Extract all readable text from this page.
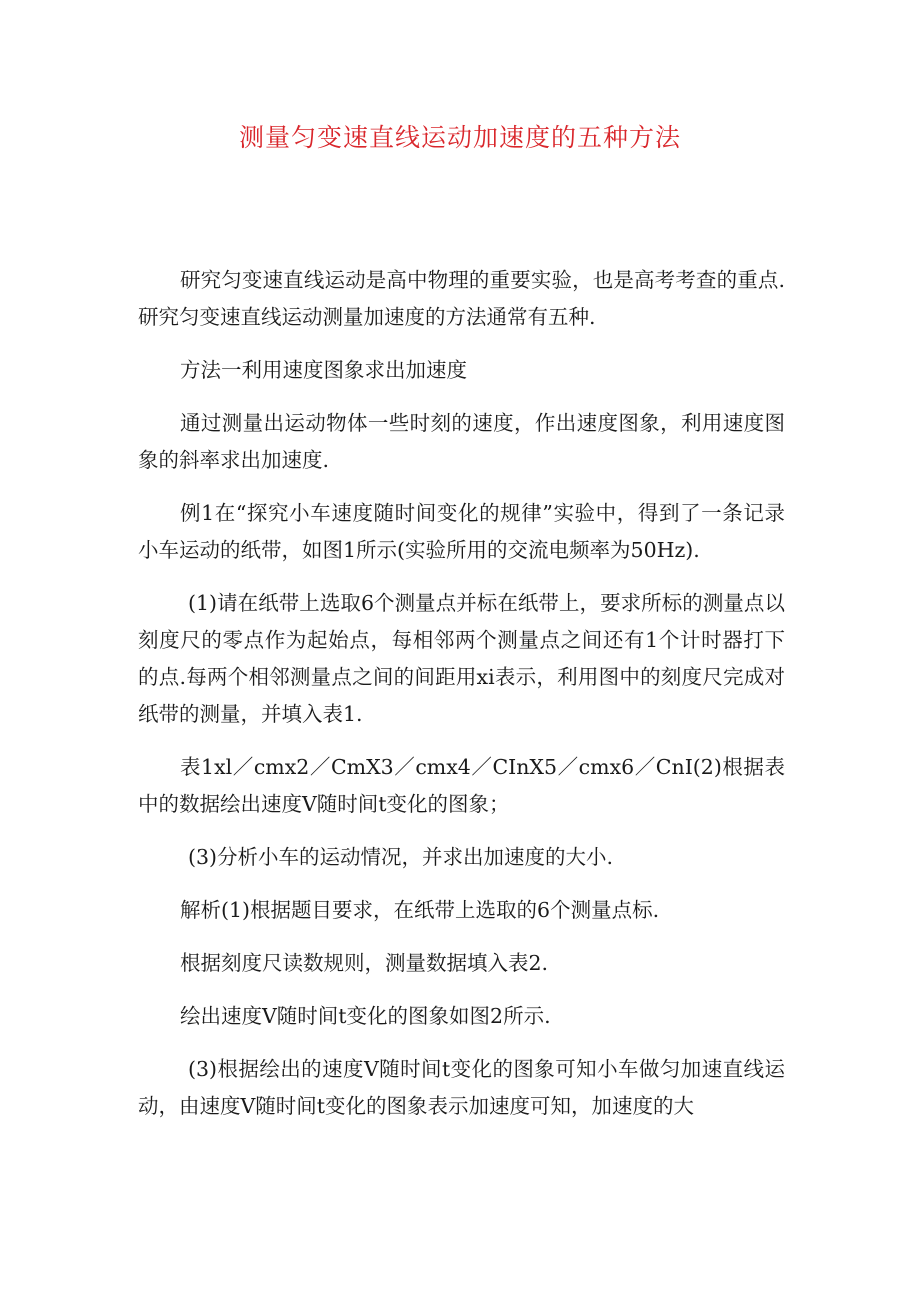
测量匀变速直线运动加速度的五种方法

研究匀变速直线运动是高中物理的重要实验，也是高考考查的重点.研究匀变速直线运动测量加速度的方法通常有五种.

方法一利用速度图象求出加速度

通过测量出运动物体一些时刻的速度，作出速度图象，利用速度图象的斜率求出加速度.

例1在“探究小车速度随时间变化的规律”实验中，得到了一条记录小车运动的纸带，如图1所示(实验所用的交流电频率为50Hz).

(1)请在纸带上选取6个测量点并标在纸带上，要求所标的测量点以刻度尺的零点作为起始点，每相邻两个测量点之间还有1个计时器打下的点.每两个相邻测量点之间的间距用xi表示，利用图中的刻度尺完成对纸带的测量，并填入表1.

表1xl／cmx2／CmX3／cmx4／CInX5／cmx6／CnI(2)根据表中的数据绘出速度V随时间t变化的图象；

(3)分析小车的运动情况，并求出加速度的大小.

解析(1)根据题目要求，在纸带上选取的6个测量点标.

根据刻度尺读数规则，测量数据填入表2.

绘出速度V随时间t变化的图象如图2所示.

(3)根据绘出的速度V随时间t变化的图象可知小车做匀加速直线运动，由速度V随时间t变化的图象表示加速度可知，加速度的大
